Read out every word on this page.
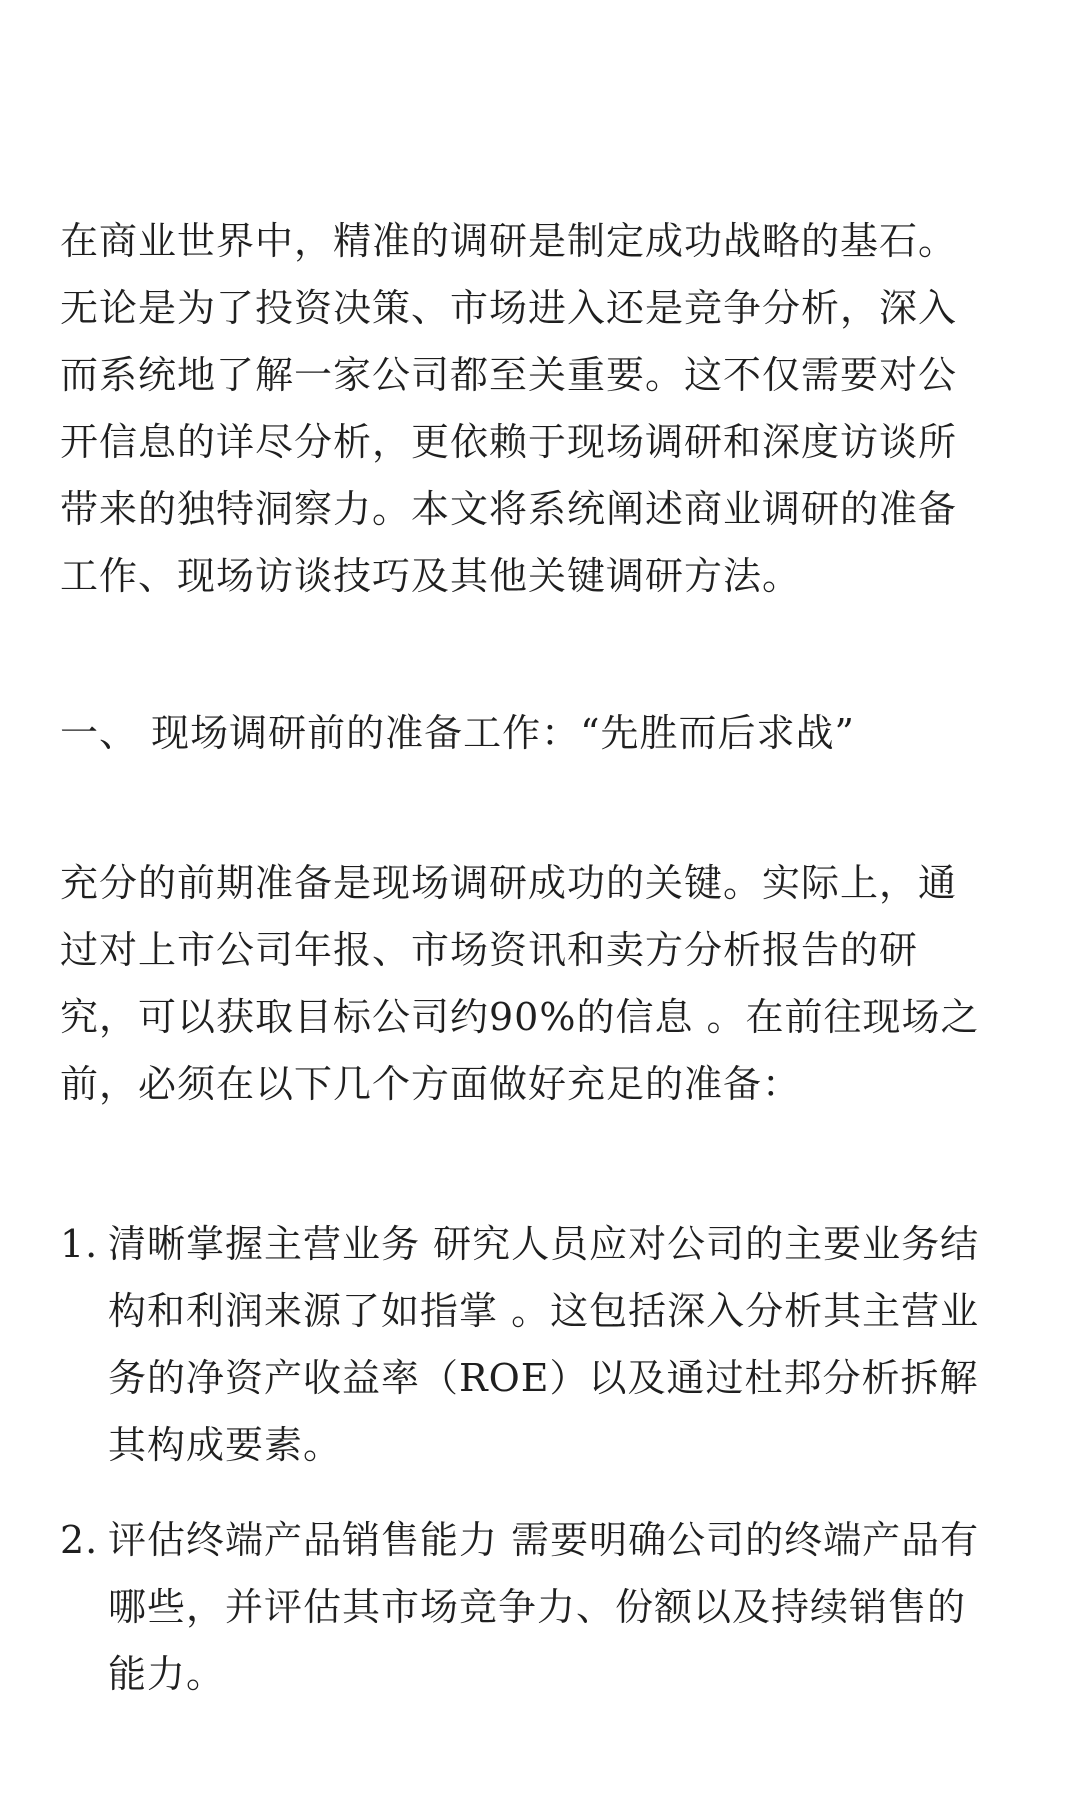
在商业世界中，精准的调研是制定成功战略的基石。
无论是为了投资决策、市场进入还是竞争分析，深入
而系统地了解一家公司都至关重要。这不仅需要对公
开信息的详尽分析，更依赖于现场调研和深度访谈所
带来的独特洞察力。本文将系统阐述商业调研的准备
工作、现场访谈技巧及其他关键调研方法。

一、 现场调研前的准备工作：“先胜而后求战”

充分的前期准备是现场调研成功的关键。实际上，通
过对上市公司年报、市场资讯和卖方分析报告的研
究，可以获取目标公司约90%的信息 。在前往现场之
前，必须在以下几个方面做好充足的准备：

1. 清晰掌握主营业务 研究人员应对公司的主要业务结
构和利润来源了如指掌 。这包括深入分析其主营业
务的净资产收益率（ROE）以及通过杜邦分析拆解
其构成要素。
2. 评估终端产品销售能力 需要明确公司的终端产品有
哪些，并评估其市场竞争力、份额以及持续销售的
能力。
